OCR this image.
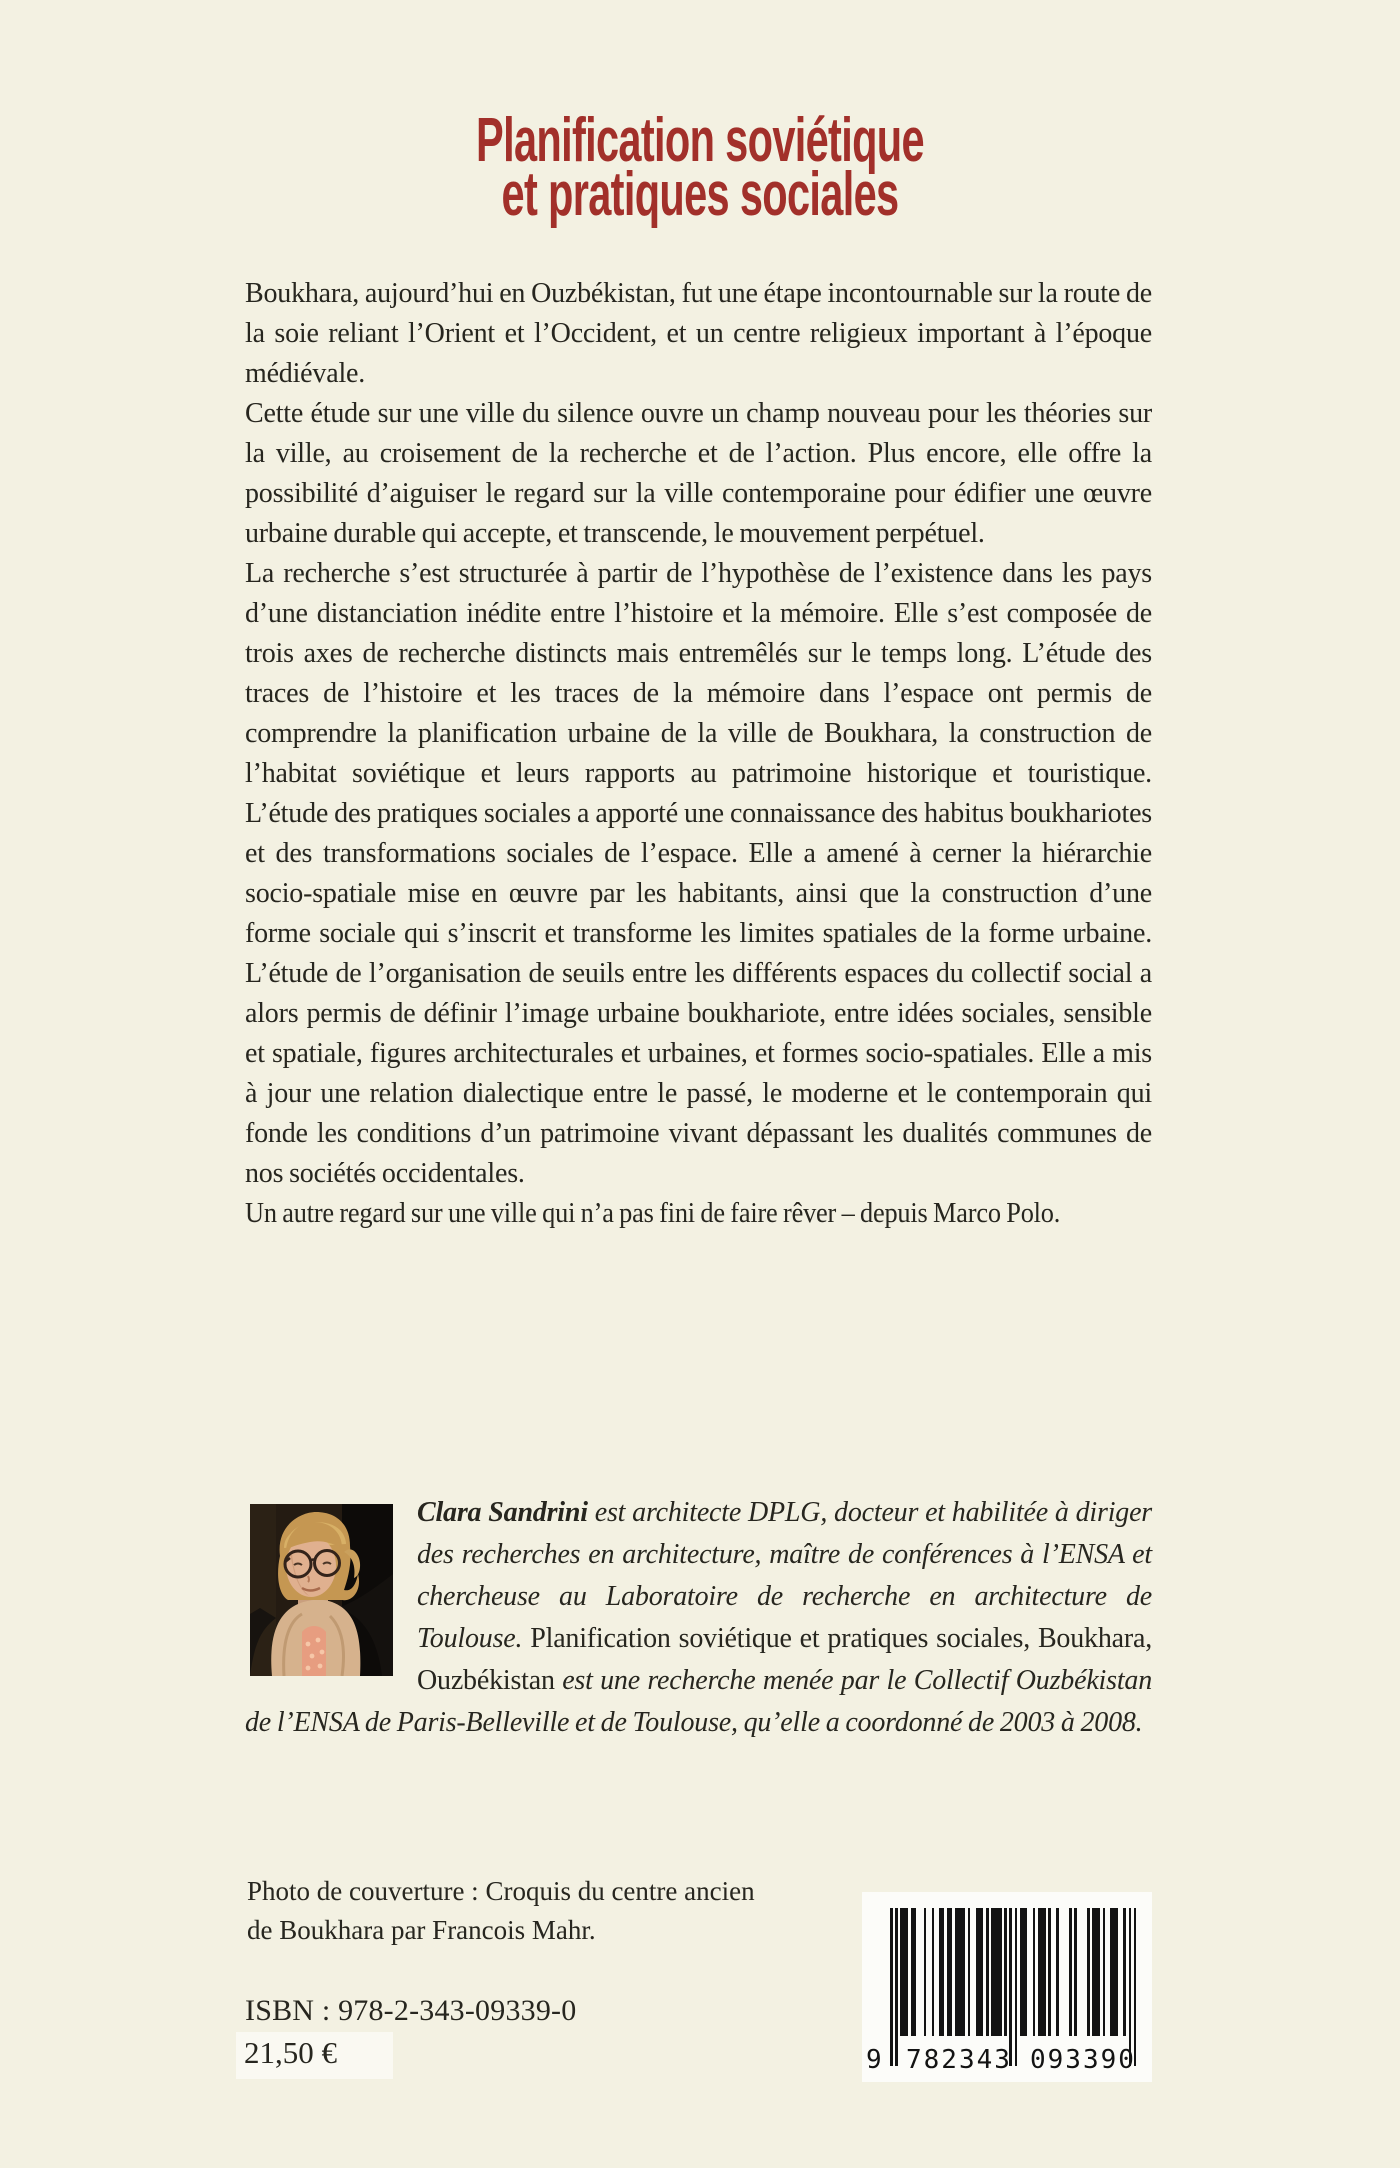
Planification soviétique
et pratiques sociales

Boukhara, aujourd’hui en Ouzbékistan, fut une étape incontournable sur la route de la soie reliant l’Orient et l’Occident, et un centre religieux important à l’époque médiévale.

Cette étude sur une ville du silence ouvre un champ nouveau pour les théories sur la ville, au croisement de la recherche et de l’action. Plus encore, elle offre la possibilité d’aiguiser le regard sur la ville contemporaine pour édifier une œuvre urbaine durable qui accepte, et transcende, le mouvement perpétuel.

La recherche s’est structurée à partir de l’hypothèse de l’existence dans les pays d’une distanciation inédite entre l’histoire et la mémoire. Elle s’est composée de trois axes de recherche distincts mais entremêlés sur le temps long. L’étude des traces de l’histoire et les traces de la mémoire dans l’espace ont permis de comprendre la planification urbaine de la ville de Boukhara, la construction de l’habitat soviétique et leurs rapports au patrimoine historique et touristique. L’étude des pratiques sociales a apporté une connaissance des habitus boukhariotes et des transformations sociales de l’espace. Elle a amené à cerner la hiérarchie socio-spatiale mise en œuvre par les habitants, ainsi que la construction d’une forme sociale qui s’inscrit et transforme les limites spatiales de la forme urbaine. L’étude de l’organisation de seuils entre les différents espaces du collectif social a alors permis de définir l’image urbaine boukhariote, entre idées sociales, sensible et spatiale, figures architecturales et urbaines, et formes socio-spatiales. Elle a mis à jour une relation dialectique entre le passé, le moderne et le contemporain qui fonde les conditions d’un patrimoine vivant dépassant les dualités communes de nos sociétés occidentales.

Un autre regard sur une ville qui n’a pas fini de faire rêver – depuis Marco Polo.

Clara Sandrini est architecte DPLG, docteur et habilitée à diriger des recherches en architecture, maître de conférences à l’ENSA et chercheuse au Laboratoire de recherche en architecture de Toulouse. Planification soviétique et pratiques sociales, Boukhara, Ouzbékistan est une recherche menée par le Collectif Ouzbékistan de l’ENSA de Paris-Belleville et de Toulouse, qu’elle a coordonné de 2003 à 2008.
Photo de couverture : Croquis du centre ancien
de Boukhara par Francois Mahr.
ISBN : 978-2-343-09339-0
21,50 €	9 782343 093390
